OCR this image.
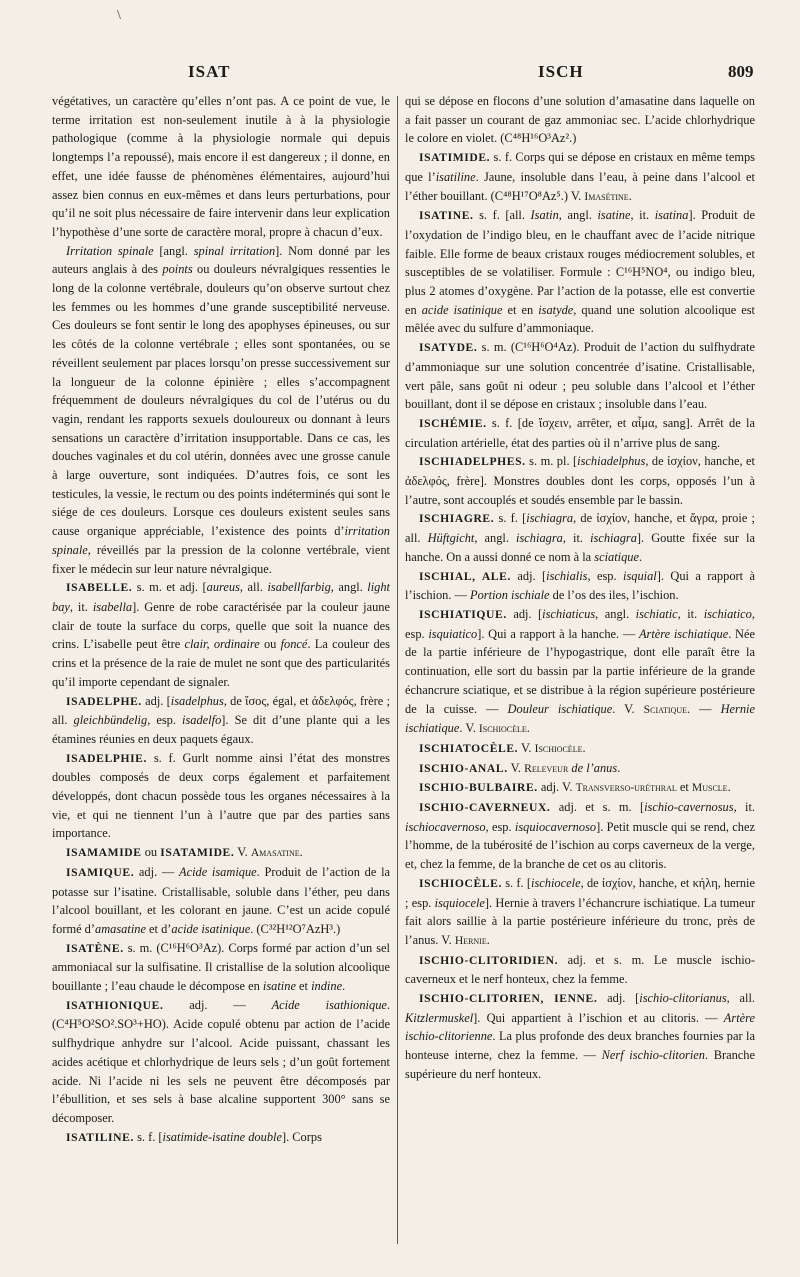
\
ISAT	ISCH	809

végétatives, un caractère qu’elles n’ont pas. A ce point de vue, le terme irritation est non-seulement inutile à à la physiologie pathologique (comme à la physiologie normale qui depuis longtemps l’a repoussé), mais encore il est dangereux ; il donne, en effet, une idée fausse de phénomènes élémentaires, aujourd’hui assez bien connus en eux-mêmes et dans leurs perturbations, pour qu’il ne soit plus nécessaire de faire intervenir dans leur explication l’hypothèse d’une sorte de caractère moral, propre à chacun d’eux.

Irritation spinale [angl. spinal irritation]. Nom donné par les auteurs anglais à des points ou douleurs névralgiques ressenties le long de la colonne vertébrale, douleurs qu’on observe surtout chez les femmes ou les hommes d’une grande susceptibilité nerveuse. Ces douleurs se font sentir le long des apophyses épineuses, ou sur les côtés de la colonne vertébrale ; elles sont spontanées, ou se réveillent seulement par places lorsqu’on presse successivement sur la longueur de la colonne épinière ; elles s’accompagnent fréquemment de douleurs névralgiques du col de l’utérus ou du vagin, rendant les rapports sexuels douloureux ou donnant à leurs sensations un caractère d’irritation insupportable. Dans ce cas, les douches vaginales et du col utérin, données avec une grosse canule à large ouverture, sont indiquées. D’autres fois, ce sont les testicules, la vessie, le rectum ou des points indéterminés qui sont le siége de ces douleurs. Lorsque ces douleurs existent seules sans cause organique appréciable, l’existence des points d’irritation spinale, réveillés par la pression de la colonne vertébrale, vient fixer le médecin sur leur nature névralgique.

ISABELLE. s. m. et adj. [aureus, all. isabellfarbig, angl. light bay, it. isabella]. Genre de robe caractérisée par la couleur jaune clair de toute la surface du corps, quelle que soit la nuance des crins. L’isabelle peut être clair, ordinaire ou foncé. La couleur des crins et la présence de la raie de mulet ne sont que des particularités qu’il importe cependant de signaler.

ISADELPHE. adj. [isadelphus, de ἴσος, égal, et ἀδελφός, frère ; all. gleichbündelig, esp. isadelfo]. Se dit d’une plante qui a les étamines réunies en deux paquets égaux.

ISADELPHIE. s. f. Gurlt nomme ainsi l’état des monstres doubles composés de deux corps également et parfaitement développés, dont chacun possède tous les organes nécessaires à la vie, et qui ne tiennent l’un à l’autre que par des parties sans importance.

ISAMAMIDE ou ISATAMIDE. V. Amasatine.

ISAMIQUE. adj. — Acide isamique. Produit de l’action de la potasse sur l’isatine. Cristallisable, soluble dans l’éther, peu dans l’alcool bouillant, et les colorant en jaune. C’est un acide copulé formé d’amasatine et d’acide isatinique. (C³²H¹²O⁷AzH³.)

ISATÈNE. s. m. (C¹⁶H⁶O³Az). Corps formé par action d’un sel ammoniacal sur la sulfisatine. Il cristallise de la solution alcoolique bouillante ; l’eau chaude le décompose en isatine et indine.

ISATHIONIQUE. adj. — Acide isathionique. (C⁴H⁵O²SO².SO³+HO). Acide copulé obtenu par action de l’acide sulfhydrique anhydre sur l’alcool. Acide puissant, chassant les acides acétique et chlorhydrique de leurs sels ; d’un goût fortement acide. Ni l’acide ni les sels ne peuvent être décomposés par l’ébullition, et ses sels à base alcaline supportent 300° sans se décomposer.

ISATILINE. s. f. [isatimide-isatine double]. Corps

qui se dépose en flocons d’une solution d’amasatine dans laquelle on a fait passer un courant de gaz ammoniac sec. L’acide chlorhydrique le colore en violet. (C⁴⁸H¹⁶O³Az².)

ISATIMIDE. s. f. Corps qui se dépose en cristaux en même temps que l’isatiline. Jaune, insoluble dans l’eau, à peine dans l’alcool et l’éther bouillant. (C⁴⁸H¹⁷O⁸Az⁵.) V. Imasétine.

ISATINE. s. f. [all. Isatin, angl. isatine, it. isatina]. Produit de l’oxydation de l’indigo bleu, en le chauffant avec de l’acide nitrique faible. Elle forme de beaux cristaux rouges médiocrement solubles, et susceptibles de se volatiliser. Formule : C¹⁶H⁵NO⁴, ou indigo bleu, plus 2 atomes d’oxygène. Par l’action de la potasse, elle est convertie en acide isatinique et en isatyde, quand une solution alcoolique est mêlée avec du sulfure d’ammoniaque.

ISATYDE. s. m. (C¹⁶H⁶O⁴Az). Produit de l’action du sulfhydrate d’ammoniaque sur une solution concentrée d’isatine. Cristallisable, vert pâle, sans goût ni odeur ; peu soluble dans l’alcool et l’éther bouillant, dont il se dépose en cristaux ; insoluble dans l’eau.

ISCHÉMIE. s. f. [de ἴσχειν, arrêter, et αἷμα, sang]. Arrêt de la circulation artérielle, état des parties où il n’arrive plus de sang.

ISCHIADELPHES. s. m. pl. [ischiadelphus, de ἰσχίον, hanche, et ἀδελφός, frère]. Monstres doubles dont les corps, opposés l’un à l’autre, sont accouplés et soudés ensemble par le bassin.

ISCHIAGRE. s. f. [ischiagra, de ἰσχίον, hanche, et ἄγρα, proie ; all. Hüftgicht, angl. ischiagra, it. ischiagra]. Goutte fixée sur la hanche. On a aussi donné ce nom à la sciatique.

ISCHIAL, ALE. adj. [ischialis, esp. isquial]. Qui a rapport à l’ischion. — Portion ischiale de l’os des iles, l’ischion.

ISCHIATIQUE. adj. [ischiaticus, angl. ischiatic, it. ischiatico, esp. isquiatico]. Qui a rapport à la hanche. — Artère ischiatique. Née de la partie inférieure de l’hypogastrique, dont elle paraît être la continuation, elle sort du bassin par la partie inférieure de la grande échancrure sciatique, et se distribue à la région supérieure postérieure de la cuisse. — Douleur ischiatique. V. Sciatique. — Hernie ischiatique. V. Ischiocèle.

ISCHIATOCÈLE. V. Ischiocèle.

ISCHIO-ANAL. V. Releveur de l’anus.

ISCHIO-BULBAIRE. adj. V. Transverso-uréthral et Muscle.

ISCHIO-CAVERNEUX. adj. et s. m. [ischio-cavernosus, it. ischiocavernoso, esp. isquiocavernoso]. Petit muscle qui se rend, chez l’homme, de la tubérosité de l’ischion au corps caverneux de la verge, et, chez la femme, de la branche de cet os au clitoris.

ISCHIOCÈLE. s. f. [ischiocele, de ἰσχίον, hanche, et κήλη, hernie ; esp. isquiocele]. Hernie à travers l’échancrure ischiatique. La tumeur fait alors saillie à la partie postérieure inférieure du tronc, près de l’anus. V. Hernie.

ISCHIO-CLITORIDIEN. adj. et s. m. Le muscle ischio-caverneux et le nerf honteux, chez la femme.

ISCHIO-CLITORIEN, IENNE. adj. [ischio-clitorianus, all. Kitzlermuskel]. Qui appartient à l’ischion et au clitoris. — Artère ischio-clitorienne. La plus profonde des deux branches fournies par la honteuse interne, chez la femme. — Nerf ischio-clitorien. Branche supérieure du nerf honteux.
